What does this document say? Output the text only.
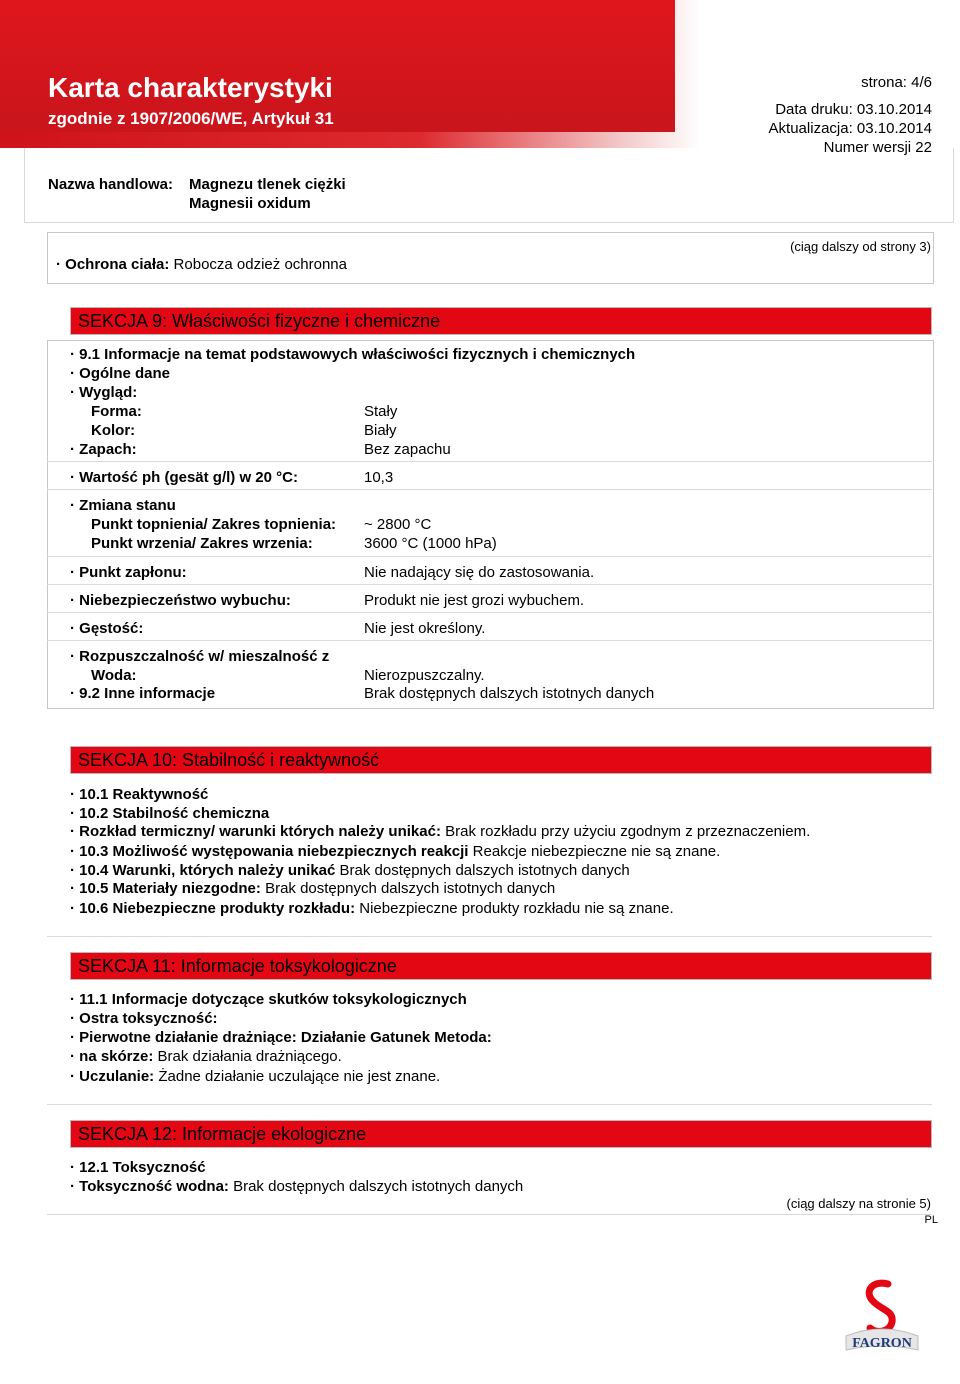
Karta charakterystyki
zgodnie z 1907/2006/WE, Artykuł 31
strona: 4/6
Data druku: 03.10.2014
Aktualizacja: 03.10.2014
Numer wersji 22
Nazwa handlowa: Magnezu tlenek ciężki
Magnesii oxidum
(ciąg dalszy od strony 3)
· Ochrona ciała: Robocza odzież ochronna
SEKCJA 9: Właściwości fizyczne i chemiczne
· 9.1 Informacje na temat podstawowych właściwości fizycznych i chemicznych
· Ogólne dane
· Wygląd:
Forma:	Stały
Kolor:	Biały
· Zapach:	Bez zapachu
· Wartość ph (gesät g/l) w 20 °C:	10,3
· Zmiana stanu
Punkt topnienia/ Zakres topnienia: ~ 2800 °C
Punkt wrzenia/ Zakres wrzenia:	3600 °C (1000 hPa)
· Punkt zapłonu:	Nie nadający się do zastosowania.
· Niebezpieczeństwo wybuchu:	Produkt nie jest grozi wybuchem.
· Gęstość:	Nie jest określony.
· Rozpuszczalność w/ mieszalność z
Woda:	Nierozpuszczalny.
· 9.2 Inne informacje	Brak dostępnych dalszych istotnych danych
SEKCJA 10: Stabilność i reaktywność
· 10.1 Reaktywność
· 10.2 Stabilność chemiczna
· Rozkład termiczny/ warunki których należy unikać: Brak rozkładu przy użyciu zgodnym z przeznaczeniem.
· 10.3 Możliwość występowania niebezpiecznych reakcji Reakcje niebezpieczne nie są znane.
· 10.4 Warunki, których należy unikać Brak dostępnych dalszych istotnych danych
· 10.5 Materiały niezgodne: Brak dostępnych dalszych istotnych danych
· 10.6 Niebezpieczne produkty rozkładu: Niebezpieczne produkty rozkładu nie są znane.
SEKCJA 11: Informacje toksykologiczne
· 11.1 Informacje dotyczące skutków toksykologicznych
· Ostra toksyczność:
· Pierwotne działanie drażniące: Działanie Gatunek Metoda:
· na skórze: Brak działania drażniącego.
· Uczulanie: Żadne działanie uczulające nie jest znane.
SEKCJA 12: Informacje ekologiczne
· 12.1 Toksyczność
· Toksyczność wodna: Brak dostępnych dalszych istotnych danych
(ciąg dalszy na stronie 5)
PL
FAGRON
